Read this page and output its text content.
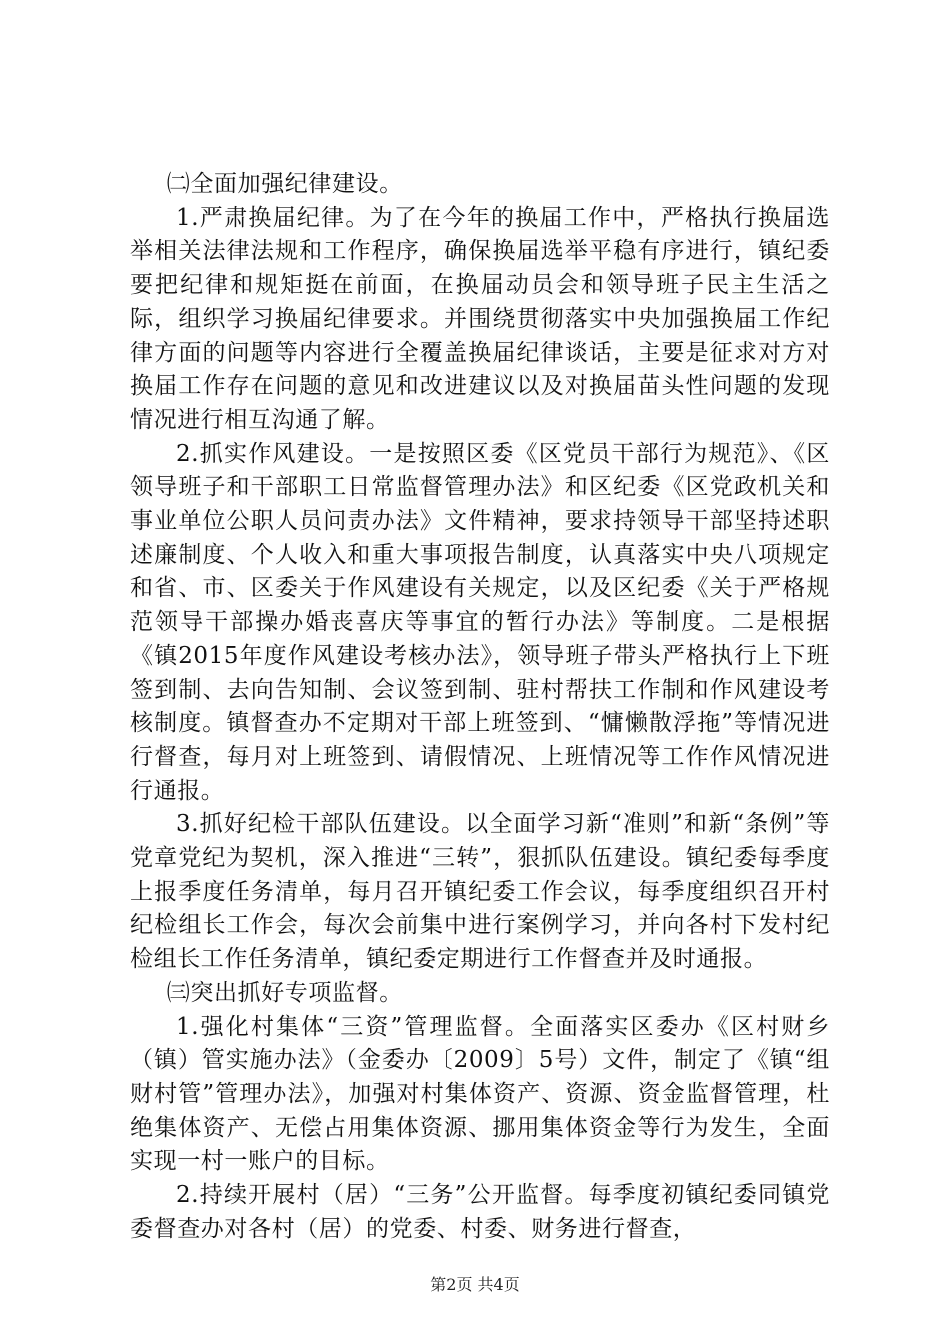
㈡全面加强纪律建设。

1.严肃换届纪律。为了在今年的换届工作中，严格执行换届选举相关法律法规和工作程序，确保换届选举平稳有序进行，镇纪委要把纪律和规矩挺在前面，在换届动员会和领导班子民主生活之际，组织学习换届纪律要求。并围绕贯彻落实中央加强换届工作纪律方面的问题等内容进行全覆盖换届纪律谈话，主要是征求对方对换届工作存在问题的意见和改进建议以及对换届苗头性问题的发现情况进行相互沟通了解。

2.抓实作风建设。一是按照区委《区党员干部行为规范》、《区领导班子和干部职工日常监督管理办法》和区纪委《区党政机关和事业单位公职人员问责办法》文件精神，要求持领导干部坚持述职述廉制度、个人收入和重大事项报告制度，认真落实中央八项规定和省、市、区委关于作风建设有关规定，以及区纪委《关于严格规范领导干部操办婚丧喜庆等事宜的暂行办法》等制度。二是根据《镇2015年度作风建设考核办法》，领导班子带头严格执行上下班签到制、去向告知制、会议签到制、驻村帮扶工作制和作风建设考核制度。镇督查办不定期对干部上班签到、“慵懒散浮拖”等情况进行督查，每月对上班签到、请假情况、上班情况等工作作风情况进行通报。

3.抓好纪检干部队伍建设。以全面学习新“准则”和新“条例”等党章党纪为契机，深入推进“三转”，狠抓队伍建设。镇纪委每季度上报季度任务清单，每月召开镇纪委工作会议，每季度组织召开村纪检组长工作会，每次会前集中进行案例学习，并向各村下发村纪检组长工作任务清单，镇纪委定期进行工作督查并及时通报。

㈢突出抓好专项监督。

1.强化村集体“三资”管理监督。全面落实区委办《区村财乡（镇）管实施办法》（金委办〔2009〕5号）文件，制定了《镇“组财村管”管理办法》，加强对村集体资产、资源、资金监督管理，杜绝集体资产、无偿占用集体资源、挪用集体资金等行为发生，全面实现一村一账户的目标。

2.持续开展村（居）“三务”公开监督。每季度初镇纪委同镇党委督查办对各村（居）的党委、村委、财务进行督查，

第2页 共4页
